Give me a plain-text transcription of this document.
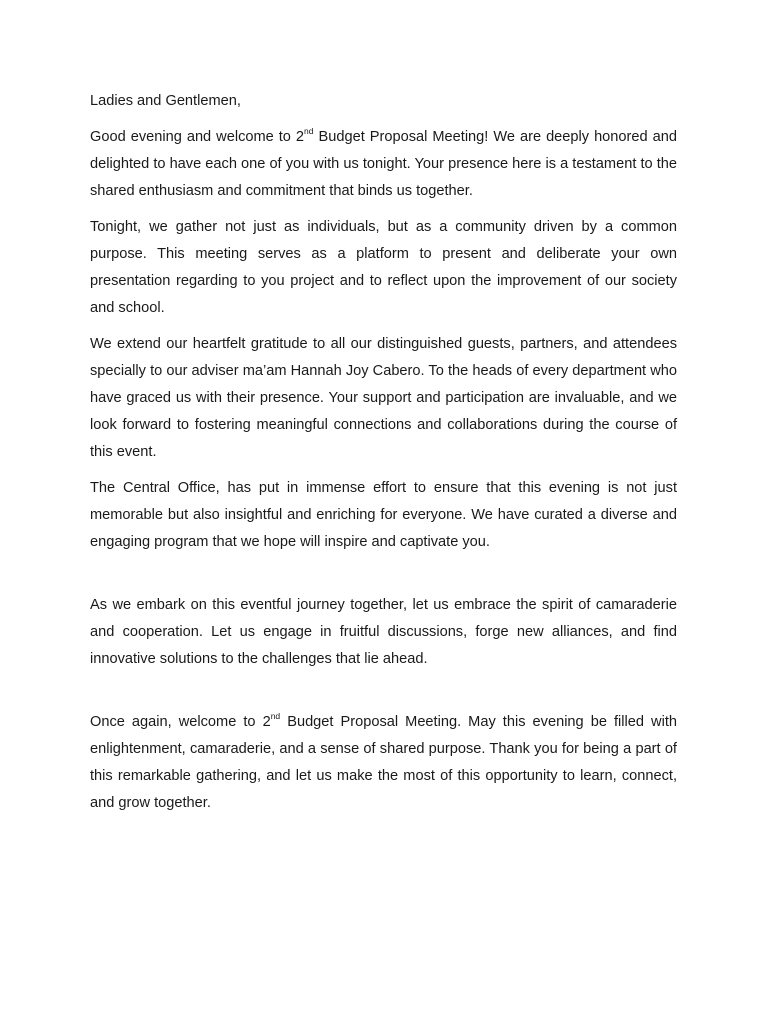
Ladies and Gentlemen,

Good evening and welcome to 2nd Budget Proposal Meeting! We are deeply honored and delighted to have each one of you with us tonight. Your presence here is a testament to the shared enthusiasm and commitment that binds us together.

Tonight, we gather not just as individuals, but as a community driven by a common purpose. This meeting serves as a platform to present and deliberate your own presentation regarding to you project and to reflect upon the improvement of our society and school.

We extend our heartfelt gratitude to all our distinguished guests, partners, and attendees specially to our adviser ma’am Hannah Joy Cabero. To the heads of every department who have graced us with their presence. Your support and participation are invaluable, and we look forward to fostering meaningful connections and collaborations during the course of this event.

The Central Office, has put in immense effort to ensure that this evening is not just memorable but also insightful and enriching for everyone. We have curated a diverse and engaging program that we hope will inspire and captivate you.

As we embark on this eventful journey together, let us embrace the spirit of camaraderie and cooperation. Let us engage in fruitful discussions, forge new alliances, and find innovative solutions to the challenges that lie ahead.

Once again, welcome to 2nd Budget Proposal Meeting. May this evening be filled with enlightenment, camaraderie, and a sense of shared purpose. Thank you for being a part of this remarkable gathering, and let us make the most of this opportunity to learn, connect, and grow together.
